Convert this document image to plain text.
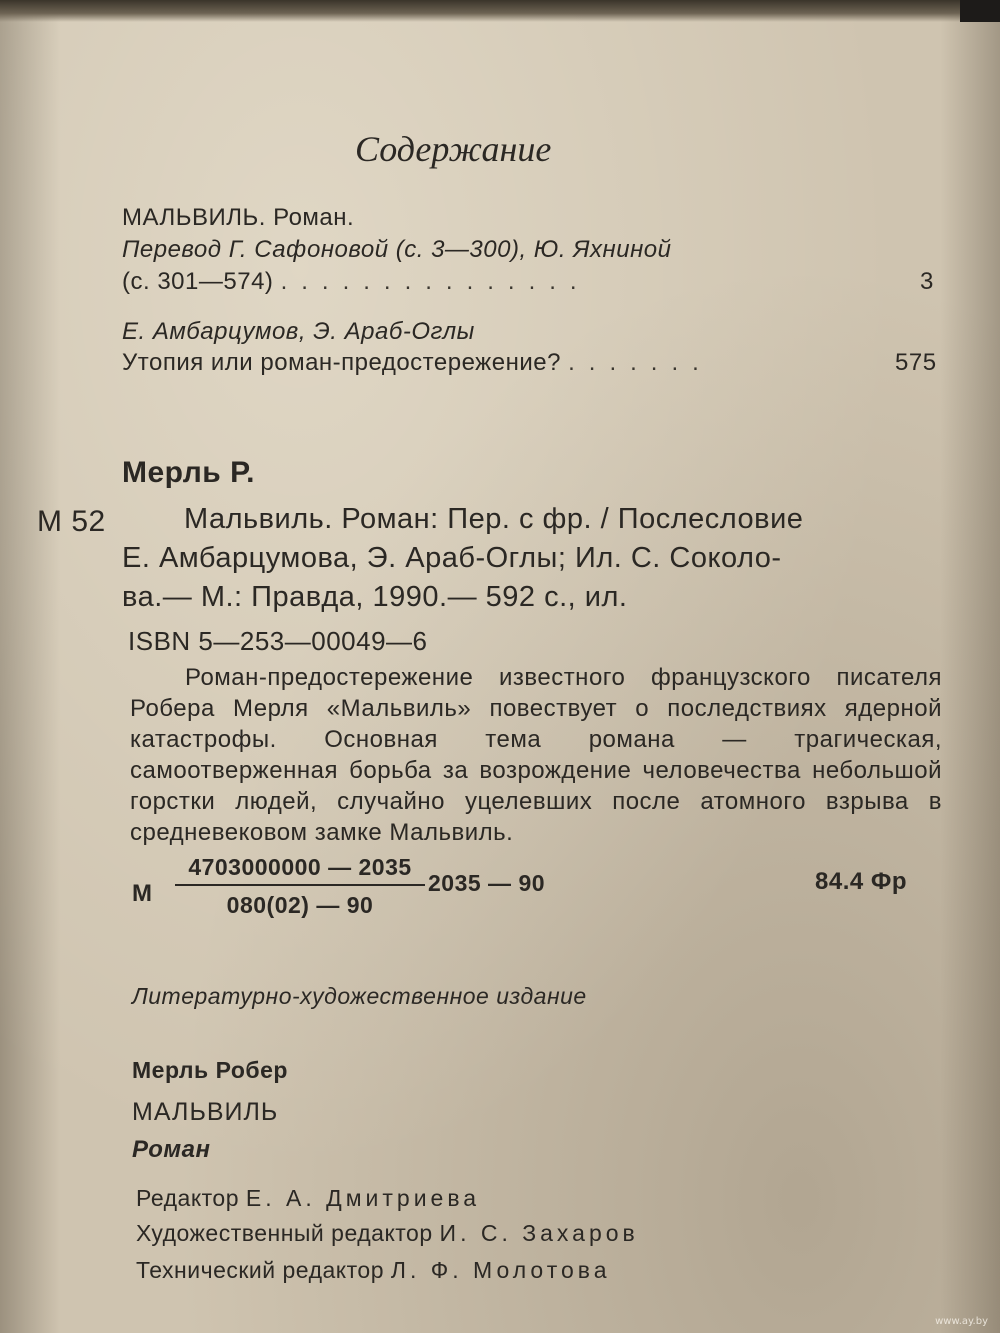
Содержание
МАЛЬВИЛЬ. Роман.
Перевод Г. Сафоновой (с. 3—300), Ю. Яхниной
(с. 301—574) ...............	3
Е. Амбарцумов, Э. Араб-Оглы
Утопия или роман-предостережение? .......	575
Мерль Р.
М 52	Мальвиль. Роман: Пер. с фр. / Послесловие
Е. Амбарцумова, Э. Араб-Оглы; Ил. С. Соколо-
ва.— М.: Правда, 1990.— 592 с., ил.
ISBN 5—253—00049—6
Роман-предостережение известного французского писателя Робера Мерля «Мальвиль» повествует о последствиях ядерной катастрофы. Основная тема романа — трагическая, самоотверженная борьба за возрождение человечества небольшой горстки людей, случайно уцелевших после атомного взрыва в средневековом замке Мальвиль.
М
4703000000 — 2035
080(02) — 90
2035 — 90	84.4 Фр
Литературно-художественное издание
Мерль Робер
МАЛЬВИЛЬ
Роман
Редактор Е. А. Дмитриева
Художественный редактор И. С. Захаров
Технический редактор Л. Ф. Молотова
www.ay.by
